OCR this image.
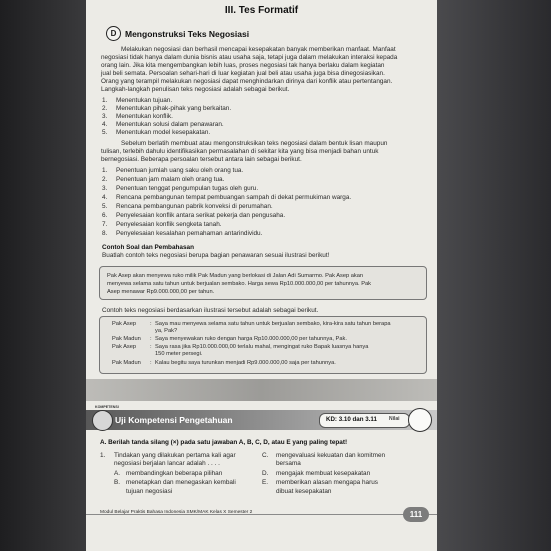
D	Mengonstruksi Teks Negosiasi
Melakukan negosiasi dan berhasil mencapai kesepakatan banyak memberikan manfaat. Manfaat
negosiasi tidak hanya dalam dunia bisnis atau usaha saja, tetapi juga dalam melakukan interaksi kepada
orang lain. Jika kita mengembangkan lebih luas, proses negosiasi tak hanya berlaku dalam kegiatan
jual beli semata. Persoalan sehari-hari di luar kegiatan jual beli atau usaha juga bisa dinegosiasikan.
Orang yang terampil melakukan negosiasi dapat menghindarkan dirinya dari konflik atau pertentangan.
Langkah-langkah penulisan teks negosiasi adalah sebagai berikut.
1. Menentukan tujuan.
2. Menentukan pihak-pihak yang berkaitan.
3. Menentukan konflik.
4. Menentukan solusi dalam penawaran.
5. Menentukan model kesepakatan.
Sebelum berlatih membuat atau mengonstruksikan teks negosiasi dalam bentuk lisan maupun
tulisan, terlebih dahulu identifikasikan permasalahan di sekitar kita yang bisa menjadi bahan untuk
bernegosiasi. Beberapa persoalan tersebut antara lain sebagai berikut.
1. Penentuan jumlah uang saku oleh orang tua.
2. Penentuan jam malam oleh orang tua.
3. Penentuan tenggat pengumpulan tugas oleh guru.
4. Rencana pembangunan tempat pembuangan sampah di dekat permukiman warga.
5. Rencana pembangunan pabrik konveksi di perumahan.
6. Penyelesaian konflik antara serikat pekerja dan pengusaha.
7. Penyelesaian konflik sengketa tanah.
8. Penyelesaian kesalahan pemahaman antarindividu.
Contoh Soal dan Pembahasan
Buatlah contoh teks negosiasi berupa bagian penawaran sesuai ilustrasi berikut!
Pak Asep akan menyewa ruko milik Pak Madun yang berlokasi di Jalan Adi Sumarmo. Pak Asep akan
menyewa selama satu tahun untuk berjualan sembako. Harga sewa Rp10.000.000,00 per tahunnya. Pak
Asep menawar Rp9.000.000,00 per tahun.
Contoh teks negosiasi berdasarkan ilustrasi tersebut adalah sebagai berikut.
Pak Asep : Saya mau menyewa selama satu tahun untuk berjualan sembako, kira-kira satu tahun berapa
ya, Pak?
Pak Madun : Saya menyewakan ruko dengan harga Rp10.000.000,00 per tahunnya, Pak.
Pak Asep : Saya rasa jika Rp10.000.000,00 terlalu mahal, mengingat ruko Bapak luasnya hanya
150 meter persegi.
Pak Madun : Kalau begitu saya turunkan menjadi Rp9.000.000,00 saja per tahunnya.
III. Tes Formatif
KOMPETENSI
Uji Kompetensi Pengetahuan	KD: 3.10 dan 3.11 Nilai
A. Berilah tanda silang (×) pada satu jawaban A, B, C, D, atau E yang paling tepat!
1. Tindakan yang dilakukan pertama kali agar
negosiasi berjalan lancar adalah . . . .
A. membandingkan beberapa pilihan
B. menetapkan dan menegaskan kembali
tujuan negosiasi
C. mengevaluasi kekuatan dan komitmen
bersama
D. mengajak membuat kesepakatan
E. memberikan alasan mengapa harus
dibuat kesepakatan
Modul Belajar Praktis Bahasa Indonesia SMK/MAK Kelas X Semester 2	111
